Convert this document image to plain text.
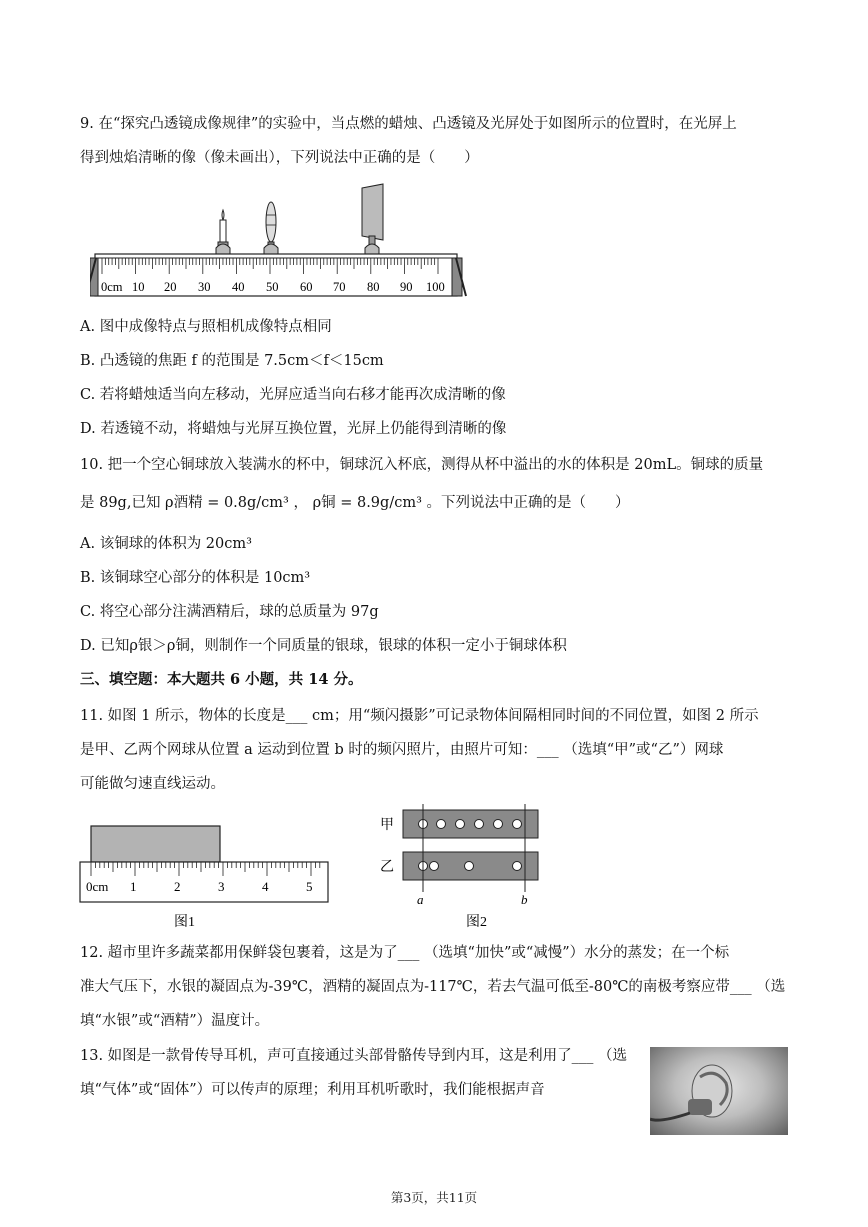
9. 在“探究凸透镜成像规律”的实验中，当点燃的蜡烛、凸透镜及光屏处于如图所示的位置时，在光屏上
得到烛焰清晰的像（像未画出），下列说法中正确的是（　　）
0cm 10 20 30 40 50 60 70 80 90 100
A. 图中成像特点与照相机成像特点相同
B. 凸透镜的焦距 f 的范围是 7.5cm＜f＜15cm
C. 若将蜡烛适当向左移动，光屏应适当向右移才能再次成清晰的像
D. 若透镜不动，将蜡烛与光屏互换位置，光屏上仍能得到清晰的像
10. 把一个空心铜球放入装满水的杯中，铜球沉入杯底，测得从杯中溢出的水的体积是 20mL。铜球的质量
是 89g,已知 ρ酒精 = 0.8g/cm³ ， ρ铜 = 8.9g/cm³ 。下列说法中正确的是（　　）
A. 该铜球的体积为 20cm³
B. 该铜球空心部分的体积是 10cm³
C. 将空心部分注满酒精后，球的总质量为 97g
D. 已知ρ银＞ρ铜，则制作一个同质量的银球，银球的体积一定小于铜球体积
三、填空题：本大题共 6 小题，共 14 分。
11. 如图 1 所示，物体的长度是___ cm；用“频闪摄影”可记录物体间隔相同时间的不同位置，如图 2 所示
是甲、乙两个网球从位置 a 运动到位置 b 时的频闪照片，由照片可知：___ （选填“甲”或“乙”）网球
可能做匀速直线运动。
0cm 1	2	3	4	5
图1
甲
乙
a	b
图2
12. 超市里许多蔬菜都用保鲜袋包裹着，这是为了___ （选填“加快”或“减慢”）水分的蒸发；在一个标
准大气压下，水银的凝固点为-39℃，酒精的凝固点为-117℃，若去气温可低至-80℃的南极考察应带___ （选
填“水银”或“酒精”）温度计。
13. 如图是一款骨传导耳机，声可直接通过头部骨骼传导到内耳，这是利用了___ （选
填“气体”或“固体”）可以传声的原理；利用耳机听歌时，我们能根据声音
第3页，共11页
